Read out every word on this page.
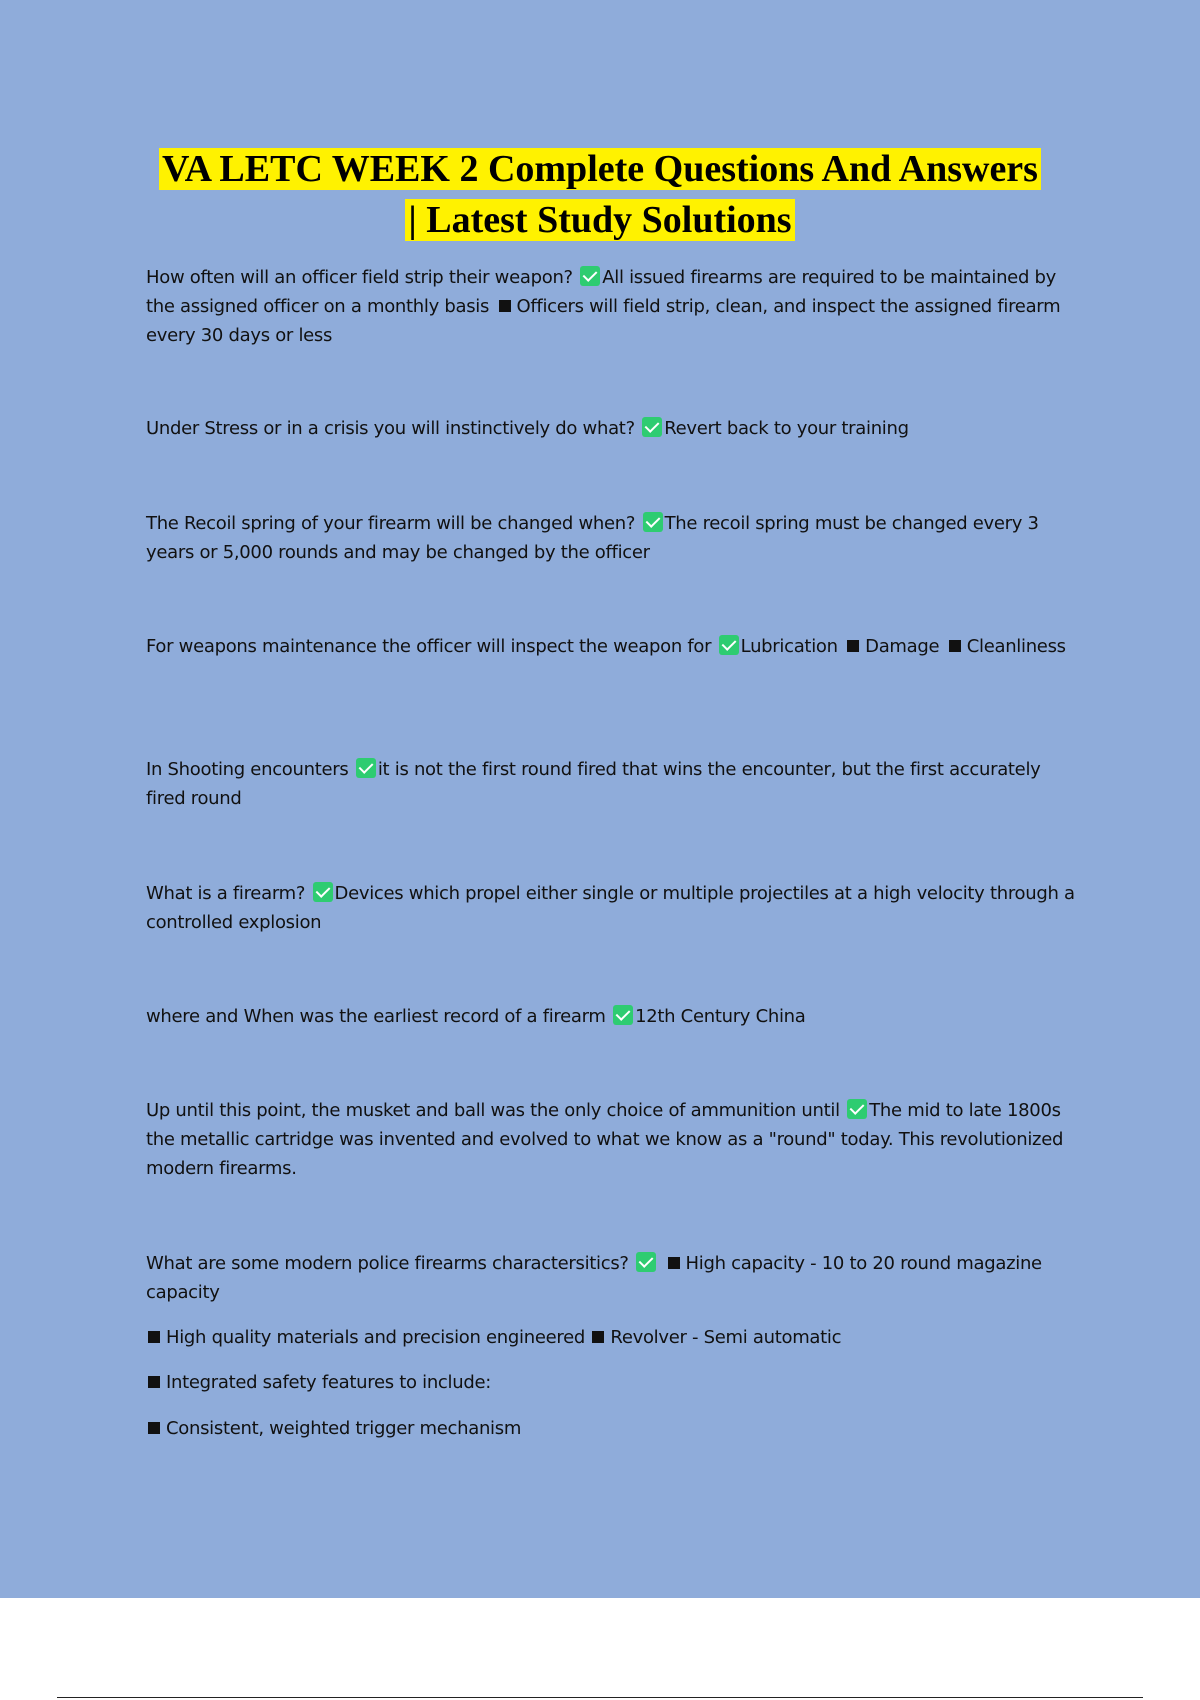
VA LETC WEEK 2 Complete Questions And Answers
| Latest Study Solutions
How often will an officer field strip their weapon? All issued firearms are required to be maintained by the assigned officer on a monthly basis Officers will field strip, clean, and inspect the assigned firearm every 30 days or less
Under Stress or in a crisis you will instinctively do what? Revert back to your training
The Recoil spring of your firearm will be changed when? The recoil spring must be changed every 3 years or 5,000 rounds and may be changed by the officer
For weapons maintenance the officer will inspect the weapon for Lubrication Damage Cleanliness
In Shooting encounters it is not the first round fired that wins the encounter, but the first accurately fired round
What is a firearm? Devices which propel either single or multiple projectiles at a high velocity through a controlled explosion
where and When was the earliest record of a firearm 12th Century China
Up until this point, the musket and ball was the only choice of ammunition until The mid to late 1800s the metallic cartridge was invented and evolved to what we know as a "round" today. This revolutionized modern firearms.
What are some modern police firearms charactersitics?	High capacity - 10 to 20 round magazine capacity
High quality materials and precision engineered Revolver - Semi automatic
Integrated safety features to include:
Consistent, weighted trigger mechanism
